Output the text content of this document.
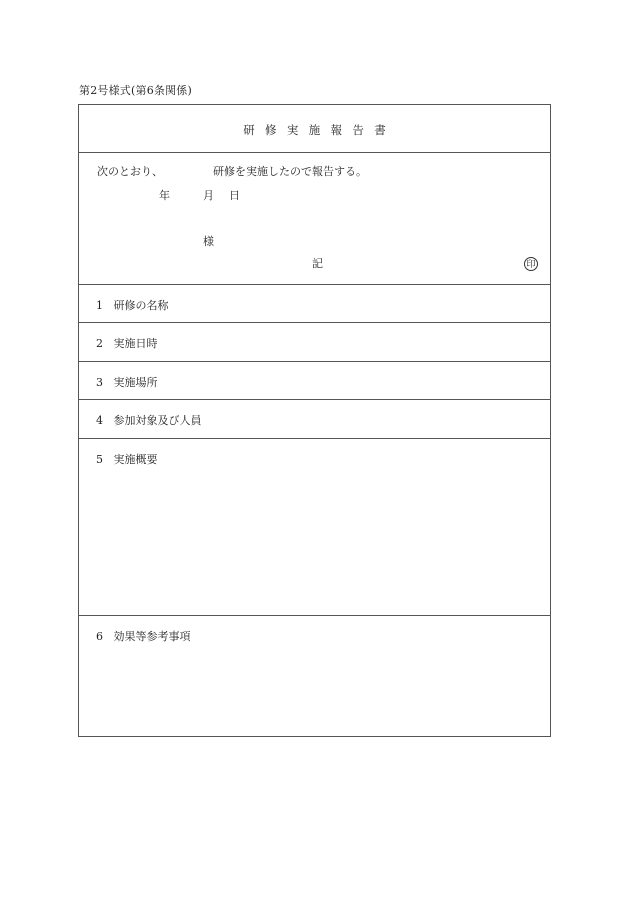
第2号様式(第6条関係)
研修実施報告書
次のとおり、	研修を実施したので報告する。
年	月 日
印
様
記
1 研修の名称
2 実施日時
3 実施場所
4 参加対象及び人員
5 実施概要
6 効果等参考事項
